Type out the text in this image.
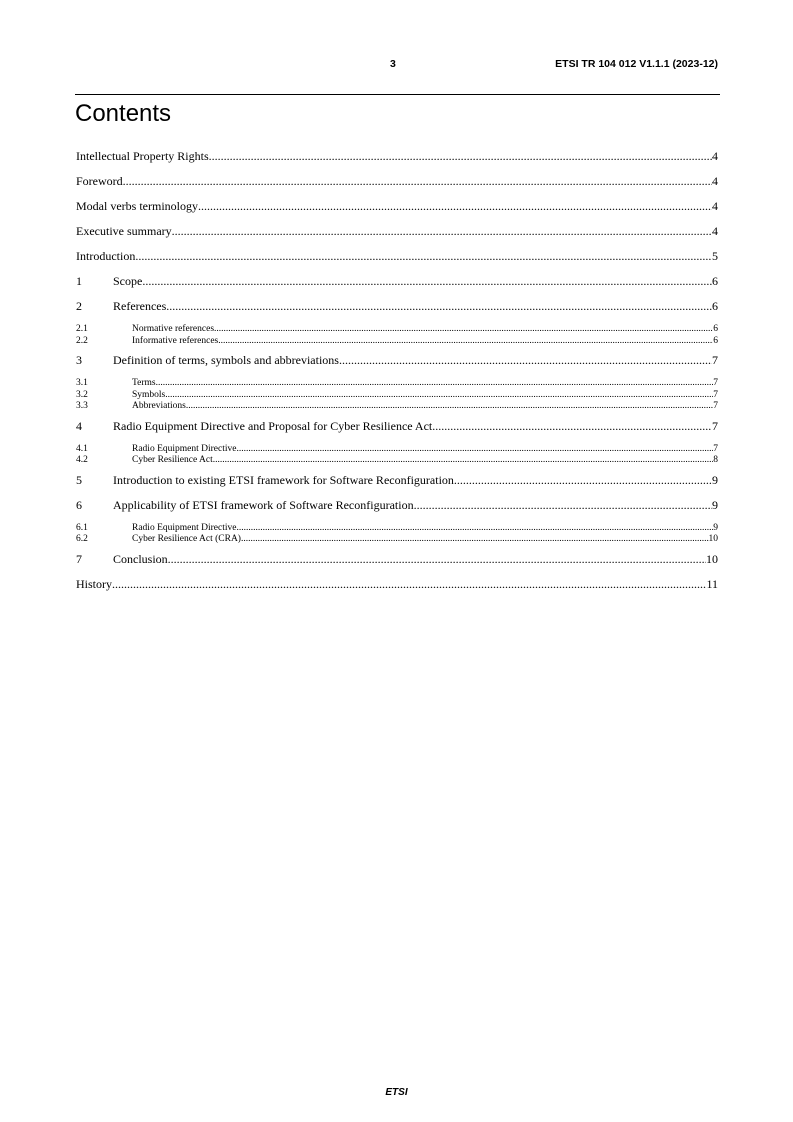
3	ETSI TR 104 012 V1.1.1 (2023-12)
Contents
Intellectual Property Rights .....	4
Foreword .....	4
Modal verbs terminology .....	4
Executive summary .....	4
Introduction .....	5
1	Scope .....	6
2	References .....	6
2.1	Normative references .....	6
2.2	Informative references .....	6
3	Definition of terms, symbols and abbreviations .....	7
3.1	Terms .....	7
3.2	Symbols .....	7
3.3	Abbreviations .....	7
4	Radio Equipment Directive and Proposal for Cyber Resilience Act .....	7
4.1	Radio Equipment Directive .....	7
4.2	Cyber Resilience Act .....	8
5	Introduction to existing ETSI framework for Software Reconfiguration .....	9
6	Applicability of ETSI framework of Software Reconfiguration .....	9
6.1	Radio Equipment Directive .....	9
6.2	Cyber Resilience Act (CRA) .....	10
7	Conclusion .....	10
History .....	11
ETSI
